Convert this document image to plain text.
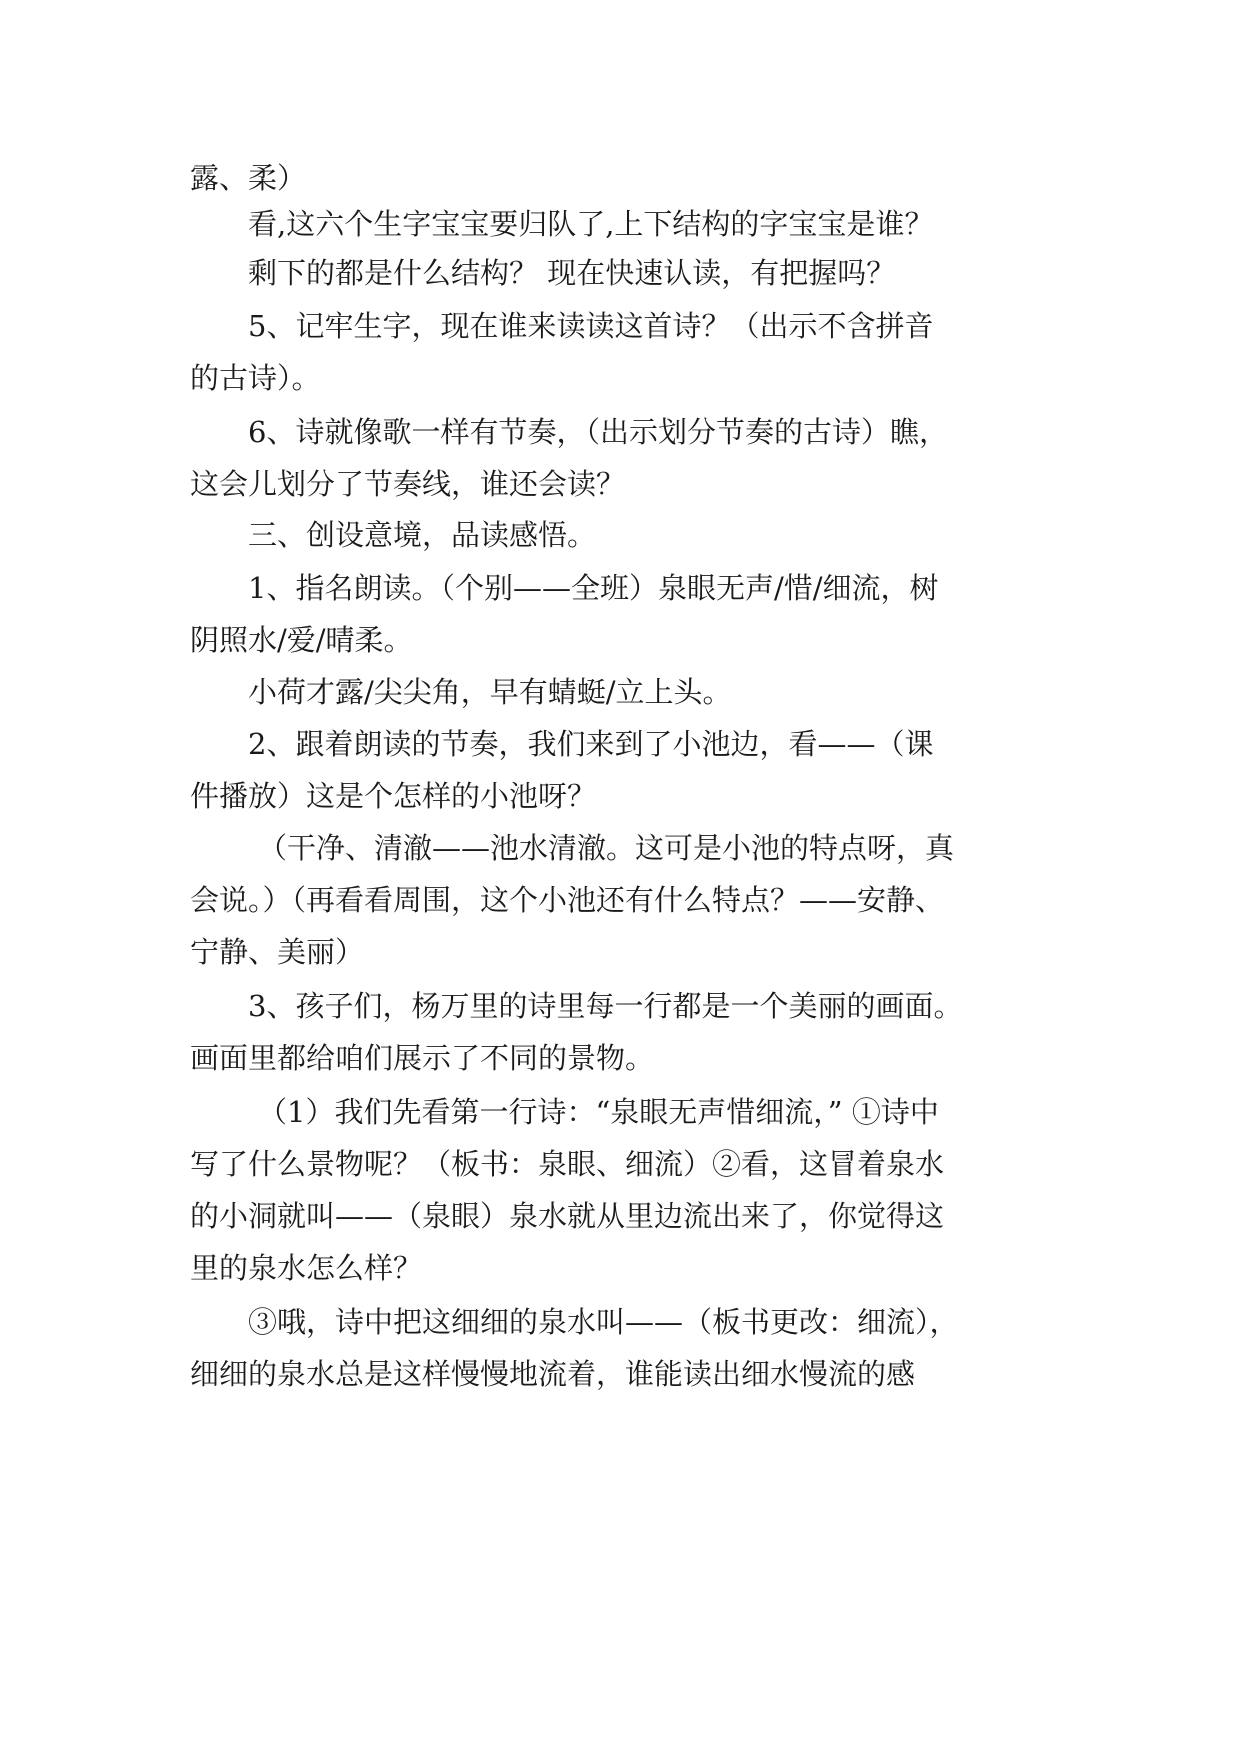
露、柔）
看,这六个生字宝宝要归队了,上下结构的字宝宝是谁？
剩下的都是什么结构？ 现在快速认读，有把握吗？
5、记牢生字，现在谁来读读这首诗？（出示不含拼音
的古诗）。
6、诗就像歌一样有节奏，（出示划分节奏的古诗）瞧，
这会儿划分了节奏线，谁还会读？
三、创设意境，品读感悟。
1、指名朗读。（个别——全班）泉眼无声/惜/细流，树
阴照水/爱/晴柔。
小荷才露/尖尖角，早有蜻蜓/立上头。
2、跟着朗读的节奏，我们来到了小池边，看——（课
件播放）这是个怎样的小池呀？
（干净、清澈——池水清澈。这可是小池的特点呀，真
会说。）（再看看周围，这个小池还有什么特点？——安静、
宁静、美丽）
3、孩子们，杨万里的诗里每一行都是一个美丽的画面。
画面里都给咱们展示了不同的景物。
（1）我们先看第一行诗：“泉眼无声惜细流，” ①诗中
写了什么景物呢？（板书：泉眼、细流）②看，这冒着泉水
的小洞就叫——（泉眼）泉水就从里边流出来了，你觉得这
里的泉水怎么样？
③哦，诗中把这细细的泉水叫——（板书更改：细流），
细细的泉水总是这样慢慢地流着，谁能读出细水慢流的感
